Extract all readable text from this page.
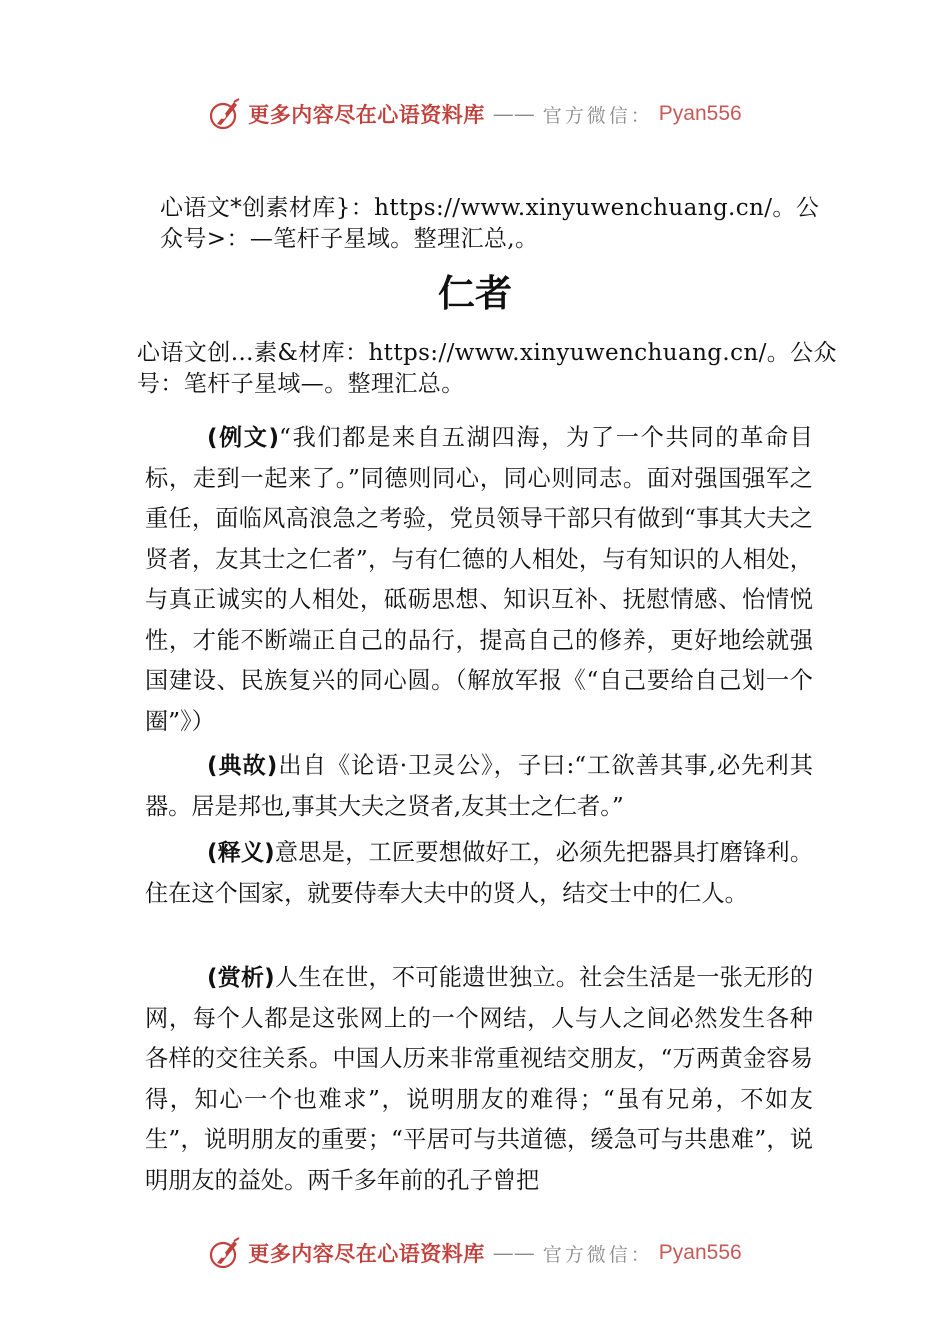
更多内容尽在心语资料库 —— 官方微信： Pyan556

心语文*创素材库}：https://www.xinyuwenchuang.cn/。公众号>：—笔杆子星域。整理汇总,。

仁者

心语文创…素&材库：https://www.xinyuwenchuang.cn/。公众号：笔杆子星域—。整理汇总。

(例文)“我们都是来自五湖四海，为了一个共同的革命目标，走到一起来了。”同德则同心，同心则同志。面对强国强军之重任，面临风高浪急之考验，党员领导干部只有做到“事其大夫之贤者，友其士之仁者”，与有仁德的人相处，与有知识的人相处，与真正诚实的人相处，砥砺思想、知识互补、抚慰情感、怡情悦性，才能不断端正自己的品行，提高自己的修养，更好地绘就强国建设、民族复兴的同心圆。（解放军报《“自己要给自己划一个圈”》）

(典故)出自《论语·卫灵公》，子曰:“工欲善其事,必先利其器。居是邦也,事其大夫之贤者,友其士之仁者。”

(释义)意思是，工匠要想做好工，必须先把器具打磨锋利。住在这个国家，就要侍奉大夫中的贤人，结交士中的仁人。

(赏析)人生在世，不可能遗世独立。社会生活是一张无形的网，每个人都是这张网上的一个网结，人与人之间必然发生各种各样的交往关系。中国人历来非常重视结交朋友，“万两黄金容易得，知心一个也难求”，说明朋友的难得；“虽有兄弟，不如友生”，说明朋友的重要；“平居可与共道德，缓急可与共患难”，说明朋友的益处。两千多年前的孔子曾把

更多内容尽在心语资料库 —— 官方微信： Pyan556
